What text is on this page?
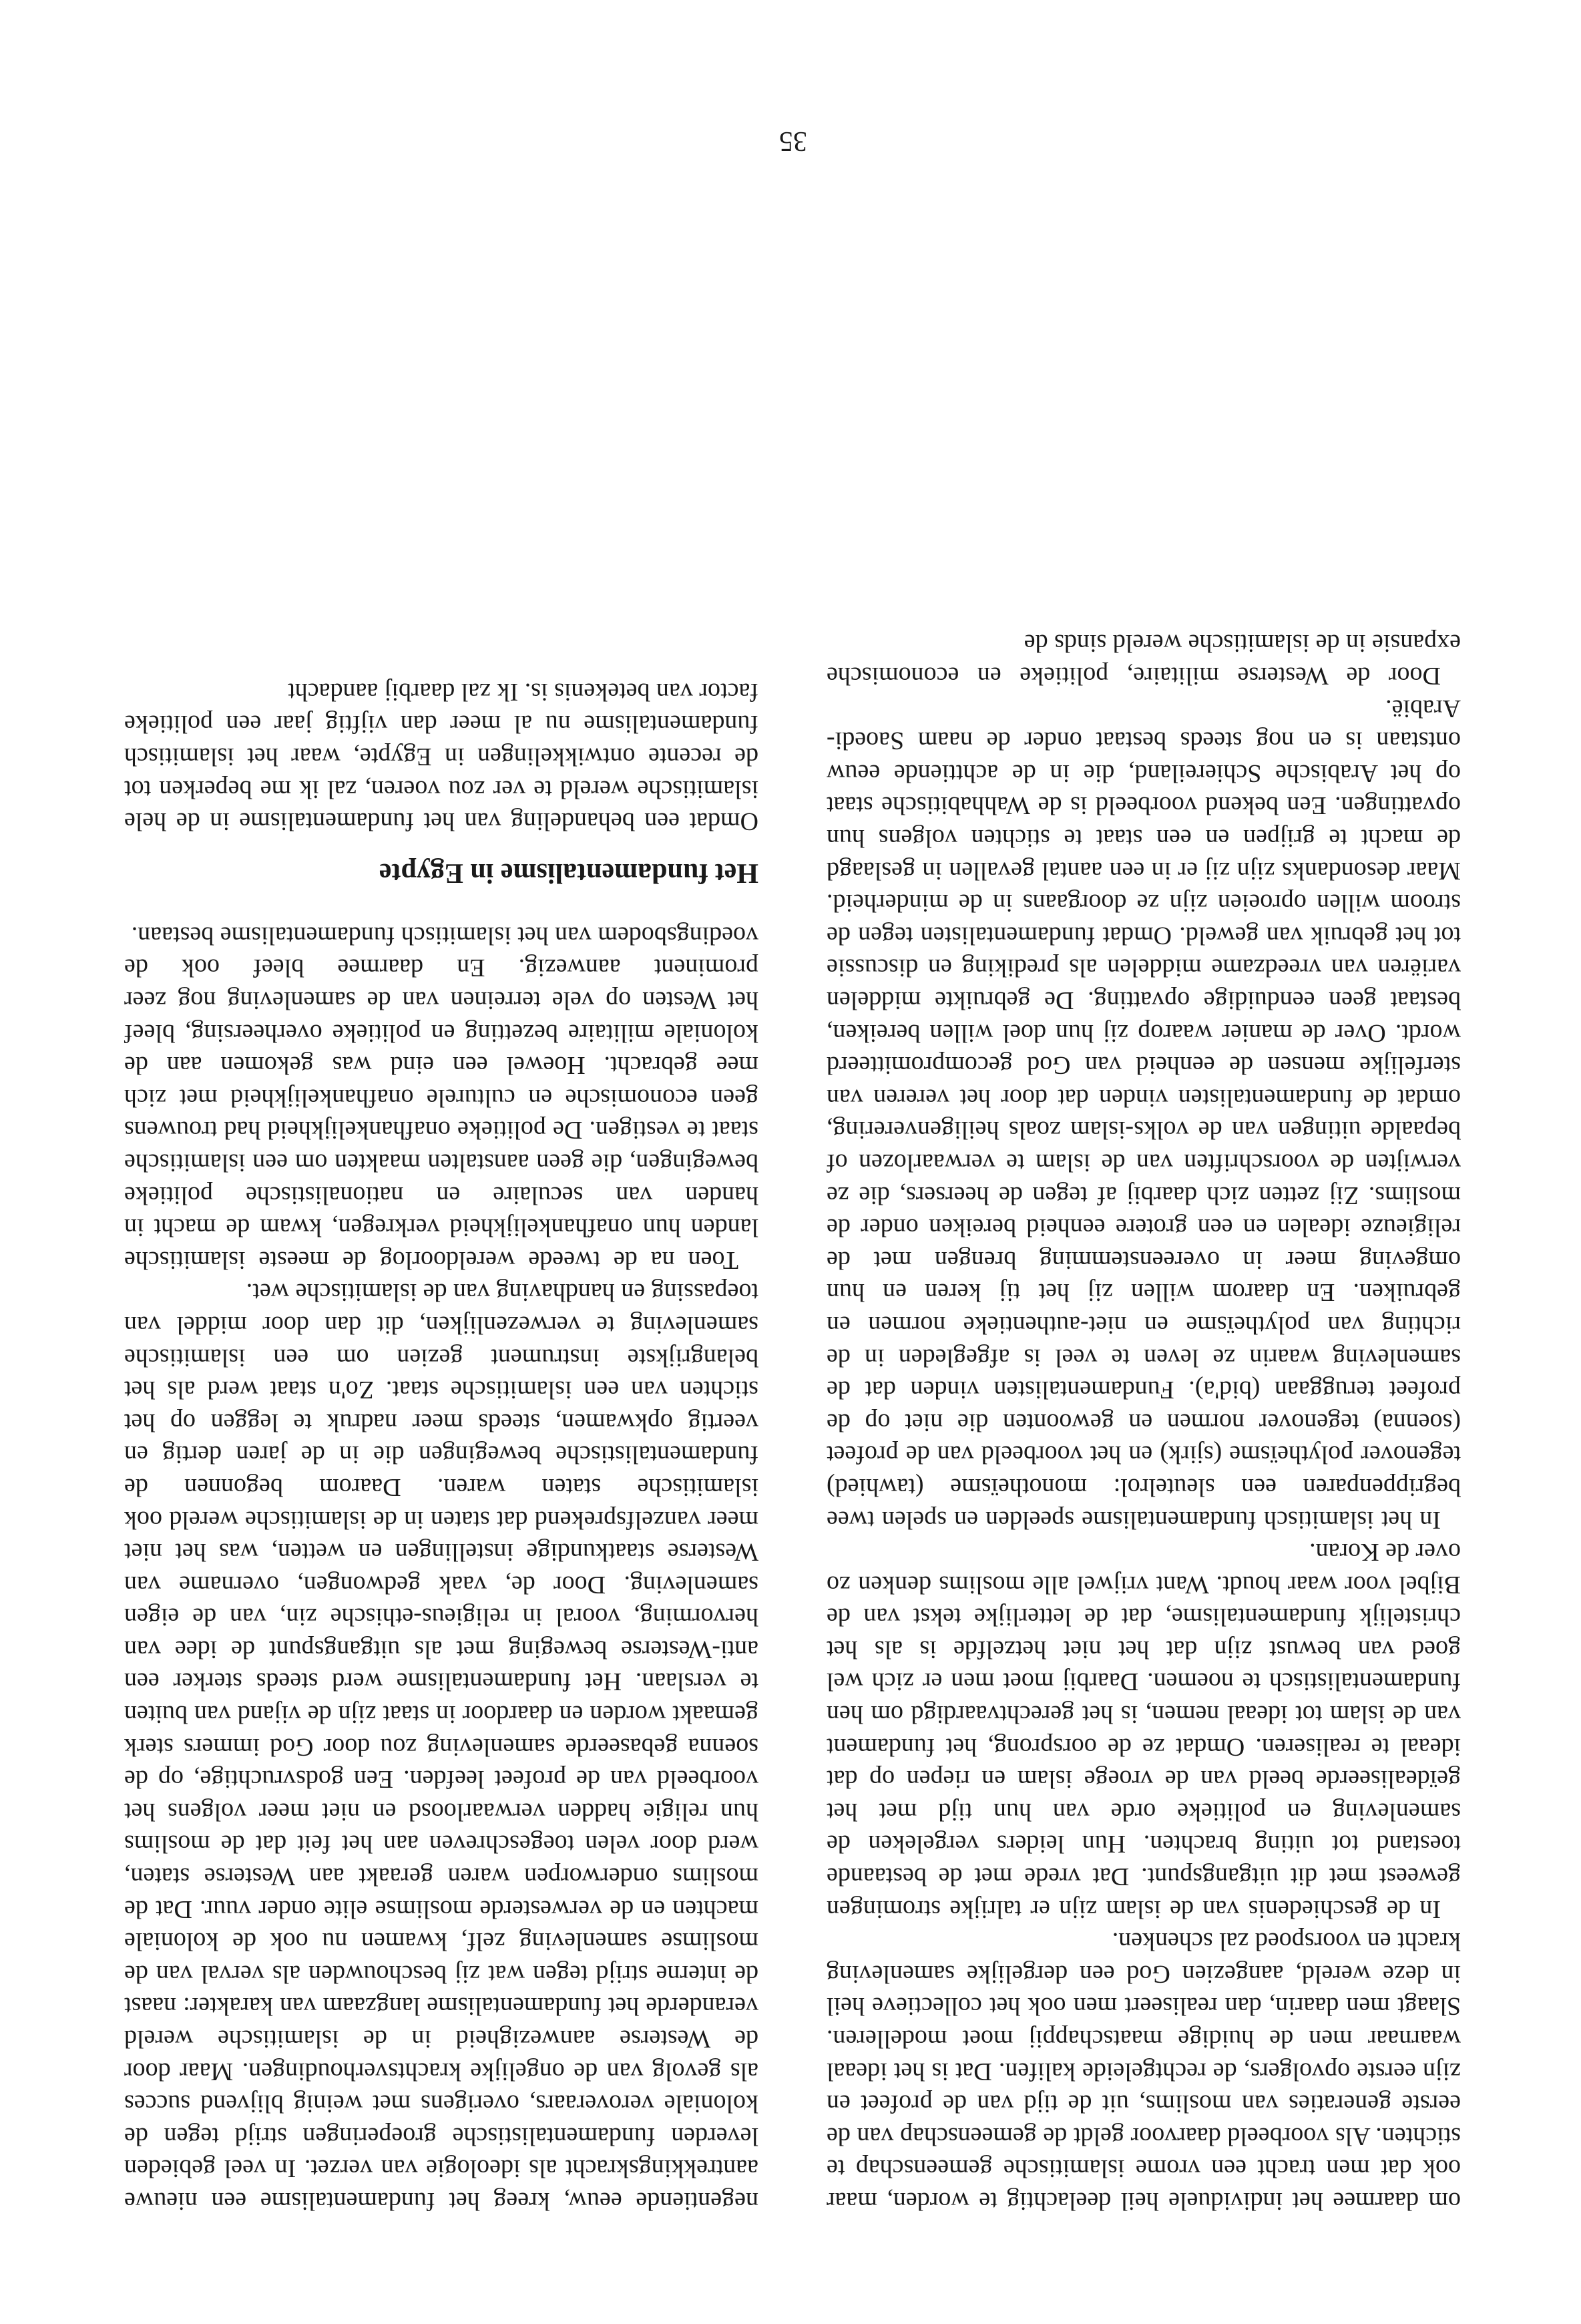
om daarmee het individuele heil deelachtig te worden, maar ook dat men tracht een vrome islamitische gemeenschap te stichten. Als voorbeeld daarvoor geldt de gemeenschap van de eerste generaties van moslims, uit de tijd van de profeet en zijn eerste opvolgers, de rechtgeleide kalifen. Dat is het ideaal waarnaar men de huidige maatschappij moet modelleren. Slaagt men daarin, dan realiseert men ook het collectieve heil in deze wereld, aangezien God een dergelijke samenleving kracht en voorspoed zal schenken.

In de geschiedenis van de islam zijn er talrijke stromingen geweest met dit uitgangspunt. Dat vrede met de bestaande toestand tot uiting brachten. Hun leiders vergeleken de samenleving en politieke orde van hun tijd met het geïdealiseerde beeld van de vroege islam en riepen op dat ideaal te realiseren. Omdat ze de oorsprong, het fundament van de islam tot ideaal nemen, is het gerechtvaardigd om hen fundamentalistisch te noemen. Daarbij moet men er zich wel goed van bewust zijn dat het niet hetzelfde is als het christelijk fundamentalisme, dat de letterlijke tekst van de Bijbel voor waar houdt. Want vrijwel alle moslims denken zo over de Koran.

In het islamitisch fundamentalisme speelden en spelen twee begrippenparen een sleutelrol: monotheïsme (tawhied) tegenover polytheïsme (sjirk) en het voorbeeld van de profeet (soenna) tegenover normen en gewoonten die niet op de profeet teruggaan (bid'a). Fundamentalisten vinden dat de samenleving waarin ze leven te veel is afgegleden in de richting van polytheïsme en niet-authentieke normen en gebruiken. En daarom willen zij het tij keren en hun omgeving meer in overeenstemming brengen met de religieuze idealen en een grotere eenheid bereiken onder de moslims. Zij zetten zich daarbij af tegen de heersers, die ze verwijten de voorschriften van de islam te verwaarlozen of bepaalde uitingen van de volks-islam zoals heiligenverering, omdat de fundamentalisten vinden dat door het vereren van sterfelijke mensen de eenheid van God gecompromitteerd wordt. Over de manier waarop zij hun doel willen bereiken, bestaat geen eenduidige opvatting. De gebruikte middelen variëren van vreedzame middelen als prediking en discussie tot het gebruik van geweld. Omdat fundamentalisten tegen de stroom willen oproeien zijn ze doorgaans in de minderheid. Maar desondanks zijn zij er in een aantal gevallen in geslaagd de macht te grijpen en een staat te stichten volgens hun opvattingen. Een bekend voorbeeld is de Wahhabitische staat op het Arabische Schiereiland, die in de achttiende eeuw ontstaan is en nog steeds bestaat onder de naam Saoedi-Arabië.

Door de Westerse militaire, politieke en economische expansie in de islamitische wereld sinds de

negentiende eeuw, kreeg het fundamentalisme een nieuwe aantrekkingskracht als ideologie van verzet. In veel gebieden leverden fundamentalistische groeperingen strijd tegen de koloniale veroveraars, overigens met weinig blijvend succes als gevolg van de ongelijke krachtsverhoudingen. Maar door de Westerse aanwezigheid in de islamitische wereld veranderde het fundamentalisme langzaam van karakter: naast de interne strijd tegen wat zij beschouwden als verval van de moslimse samenleving zelf, kwamen nu ook de koloniale machten en de verwesterde moslimse elite onder vuur. Dat de moslims onderworpen waren geraakt aan Westerse staten, werd door velen toegeschreven aan het feit dat de moslims hun religie hadden verwaarloosd en niet meer volgens het voorbeeld van de profeet leefden. Een godsvruchtige, op de soenna gebaseerde samenleving zou door God immers sterk gemaakt worden en daardoor in staat zijn de vijand van buiten te verslaan. Het fundamentalisme werd steeds sterker een anti-Westerse beweging met als uitgangspunt de idee van hervorming, vooral in religieus-ethische zin, van de eigen samenleving. Door de, vaak gedwongen, overname van Westerse staatkundige instellingen en wetten, was het niet meer vanzelfsprekend dat staten in de islamitische wereld ook islamitische staten waren. Daarom begonnen de fundamentalistische bewegingen die in de jaren dertig en veertig opkwamen, steeds meer nadruk te leggen op het stichten van een islamitische staat. Zo'n staat werd als het belangrijkste instrument gezien om een islamitische samenleving te verwezenlijken, dit dan door middel van toepassing en handhaving van de islamitische wet.

Toen na de tweede wereldoorlog de meeste islamitische landen hun onafhankelijkheid verkregen, kwam de macht in handen van seculaire en nationalistische politieke bewegingen, die geen aanstalten maakten om een islamitische staat te vestigen. De politieke onafhankelijkheid had trouwens geen economische en culturele onafhankelijkheid met zich mee gebracht. Hoewel een eind was gekomen aan de koloniale militaire bezetting en politieke overheersing, bleef het Westen op vele terreinen van de samenleving nog zeer prominent aanwezig. En daarmee bleef ook de voedingsbodem van het islamitisch fundamentalisme bestaan.

Het fundamentalisme in Egypte

Omdat een behandeling van het fundamentalisme in de hele islamitische wereld te ver zou voeren, zal ik me beperken tot de recente ontwikkelingen in Egypte, waar het islamitisch fundamentalisme nu al meer dan vijftig jaar een politieke factor van betekenis is. Ik zal daarbij aandacht

35
